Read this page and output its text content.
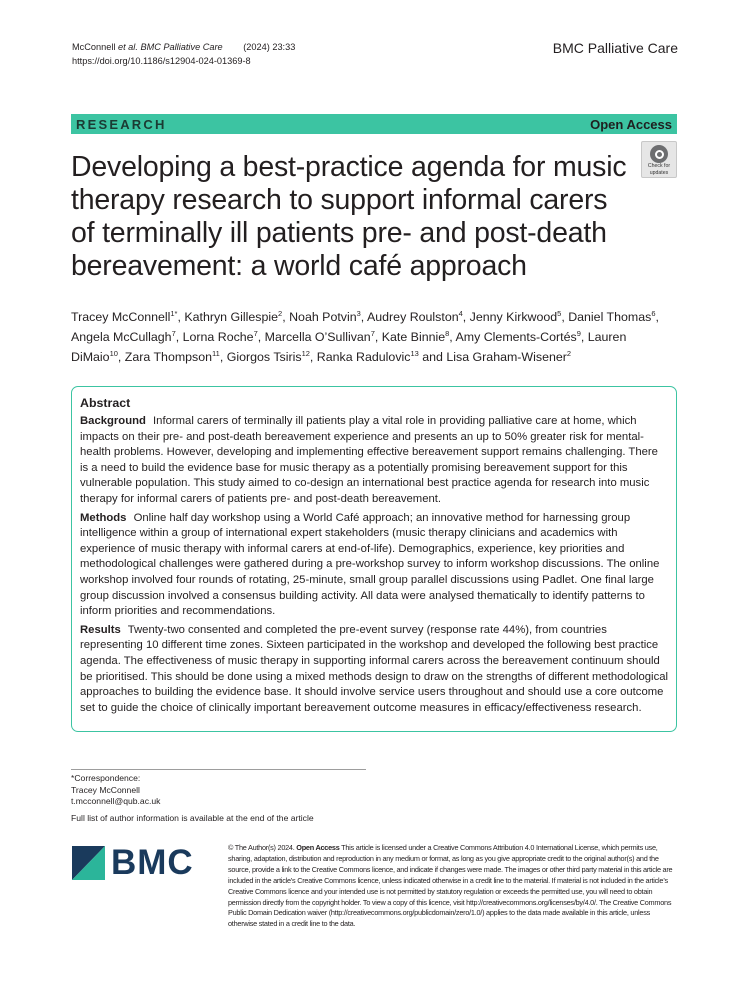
McConnell et al. BMC Palliative Care (2024) 23:33
https://doi.org/10.1186/s12904-024-01369-8
BMC Palliative Care
RESEARCH	Open Access
Check for
updates
Developing a best-practice agenda for music therapy research to support informal carers of terminally ill patients pre- and post-death bereavement: a world café approach
Tracey McConnell$^{1*}$, Kathryn Gillespie$^2$, Noah Potvin$^3$, Audrey Roulston$^4$, Jenny Kirkwood$^5$, Daniel Thomas$^6$, Angela McCullagh$^7$, Lorna Roche$^7$, Marcella O’Sullivan$^7$, Kate Binnie$^8$, Amy Clements-Cortés$^9$, Lauren DiMaio$^{10}$, Zara Thompson$^{11}$, Giorgos Tsiris$^{12}$, Ranka Radulovic$^{13}$ and Lisa Graham-Wisener$^2$
Abstract

Background Informal carers of terminally ill patients play a vital role in providing palliative care at home, which impacts on their pre- and post-death bereavement experience and presents an up to 50% greater risk for mental-health problems. However, developing and implementing effective bereavement support remains challenging. There is a need to build the evidence base for music therapy as a potentially promising bereavement support for this vulnerable population. This study aimed to co-design an international best practice agenda for research into music therapy for informal carers of patients pre- and post-death bereavement.

Methods Online half day workshop using a World Café approach; an innovative method for harnessing group intelligence within a group of international expert stakeholders (music therapy clinicians and academics with experience of music therapy with informal carers at end-of-life). Demographics, experience, key priorities and methodological challenges were gathered during a pre-workshop survey to inform workshop discussions. The online workshop involved four rounds of rotating, 25-minute, small group parallel discussions using Padlet. One final large group discussion involved a consensus building activity. All data were analysed thematically to identify patterns to inform priorities and recommendations.

Results Twenty-two consented and completed the pre-event survey (response rate 44%), from countries representing 10 different time zones. Sixteen participated in the workshop and developed the following best practice agenda. The effectiveness of music therapy in supporting informal carers across the bereavement continuum should be prioritised. This should be done using a mixed methods design to draw on the strengths of different methodological approaches to building the evidence base. It should involve service users throughout and should use a core outcome set to guide the choice of clinically important bereavement outcome measures in efficacy/effectiveness research.

*Correspondence:
Tracey McConnell
t.mcconnell@qub.ac.uk
Full list of author information is available at the end of the article
BMC	© The Author(s) 2024. Open Access This article is licensed under a Creative Commons Attribution 4.0 International License, which permits use, sharing, adaptation, distribution and reproduction in any medium or format, as long as you give appropriate credit to the original author(s) and the source, provide a link to the Creative Commons licence, and indicate if changes were made. The images or other third party material in this article are included in the article’s Creative Commons licence, unless indicated otherwise in a credit line to the material. If material is not included in the article’s Creative Commons licence and your intended use is not permitted by statutory regulation or exceeds the permitted use, you will need to obtain permission directly from the copyright holder. To view a copy of this licence, visit http://creativecommons.org/licenses/by/4.0/. The Creative Commons Public Domain Dedication waiver (http://creativecommons.org/publicdomain/zero/1.0/) applies to the data made available in this article, unless otherwise stated in a credit line to the data.
